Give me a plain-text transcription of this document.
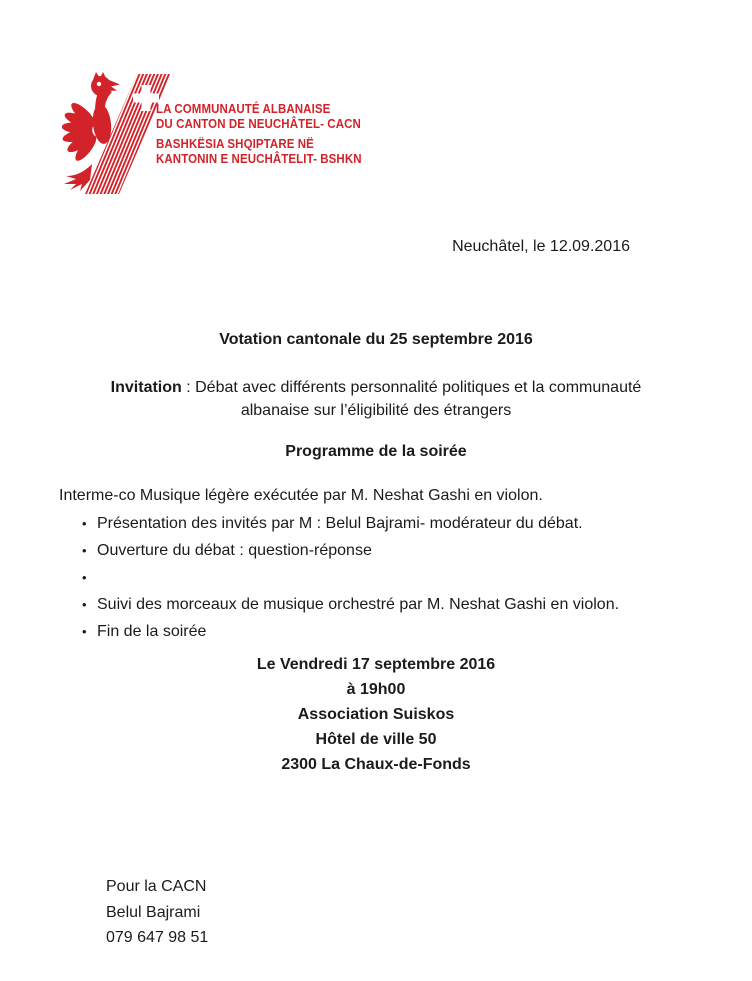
LA COMMUNAUTÉ ALBANAISE
DU CANTON DE NEUCHÂTEL- CACN
BASHKËSIA SHQIPTARE NË
KANTONIN E NEUCHÂTELIT- BSHKN
Neuchâtel, le 12.09.2016
Votation cantonale du 25 septembre 2016

Invitation : Débat avec différents personnalité politiques et la communauté
albanaise sur l’éligibilité des étrangers

Programme de la soirée

Interme-co Musique légère exécutée par M. Neshat Gashi en violon.

• Présentation des invités par M : Belul Bajrami- modérateur du débat.
• Ouverture du débat : question-réponse
•
• Suivi des morceaux de musique orchestré par M. Neshat Gashi en violon.
• Fin de la soirée
Le Vendredi 17 septembre 2016
à 19h00
Association Suiskos
Hôtel de ville 50
2300 La Chaux-de-Fonds
Pour la CACN
Belul Bajrami
079 647 98 51
